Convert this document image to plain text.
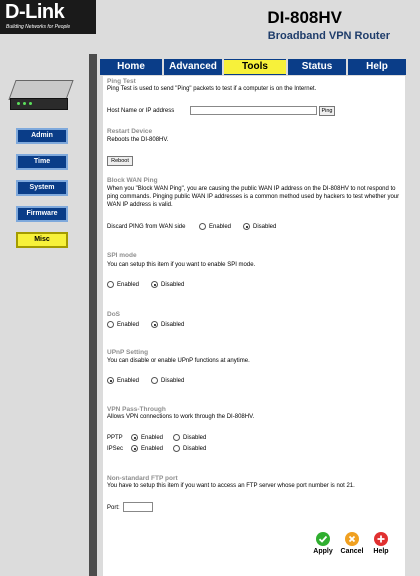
D-Link
Building Networks for People	DI-808HV
Broadband VPN Router
Admin
Time
System
Firmware
Misc
Home	Advanced	Tools	Status	Help
Ping Test
Ping Test is used to send "Ping" packets to test if a computer is on the Internet.
Host Name or IP address	Ping
Restart Device
Reboots the DI-808HV.
Reboot
Block WAN Ping
When you "Block WAN Ping", you are causing the public WAN IP address on the DI-808HV to not respond to ping commands. Pinging public WAN IP addresses is a common method used by hackers to test whether your WAN IP address is valid.
Discard PING from WAN side	Enabled	Disabled
SPI mode
You can setup this item if you want to enable SPI mode.
Enabled	Disabled
DoS
Enabled	Disabled
UPnP Setting
You can disable or enable UPnP functions at anytime.
Enabled	Disabled
VPN Pass-Through
Allows VPN connections to work through the DI-808HV.
PPTP	Enabled	Disabled
IPSec	Enabled	Disabled
Non-standard FTP port
You have to setup this item if you want to access an FTP server whose port number is not 21.
Port:
Apply	Cancel	Help
